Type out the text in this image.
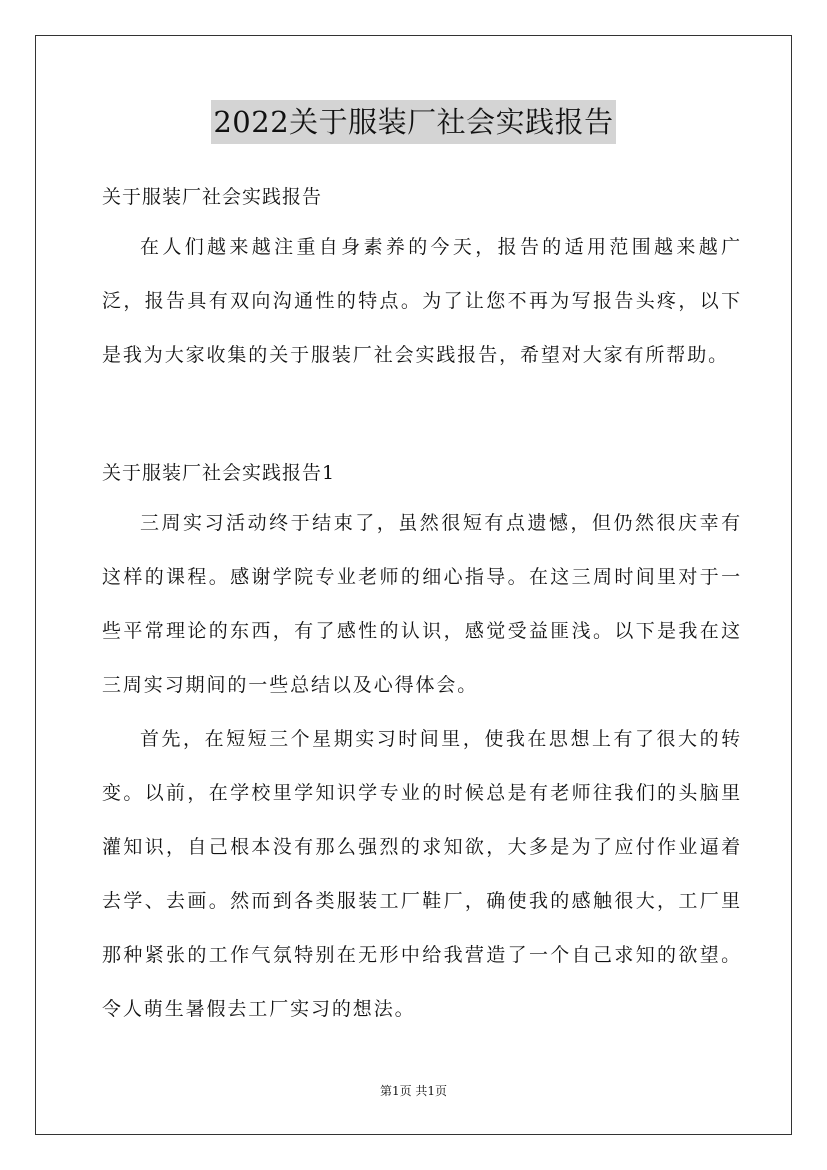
2022关于服装厂社会实践报告

关于服装厂社会实践报告

在人们越来越注重自身素养的今天，报告的适用范围越来越广泛，报告具有双向沟通性的特点。为了让您不再为写报告头疼，以下是我为大家收集的关于服装厂社会实践报告，希望对大家有所帮助。

关于服装厂社会实践报告1

三周实习活动终于结束了，虽然很短有点遗憾，但仍然很庆幸有这样的课程。感谢学院专业老师的细心指导。在这三周时间里对于一些平常理论的东西，有了感性的认识，感觉受益匪浅。以下是我在这三周实习期间的一些总结以及心得体会。

首先，在短短三个星期实习时间里，使我在思想上有了很大的转变。以前，在学校里学知识学专业的时候总是有老师往我们的头脑里灌知识，自己根本没有那么强烈的求知欲，大多是为了应付作业逼着去学、去画。然而到各类服装工厂鞋厂，确使我的感触很大，工厂里那种紧张的工作气氛特别在无形中给我营造了一个自己求知的欲望。令人萌生暑假去工厂实习的想法。

第1页 共1页
